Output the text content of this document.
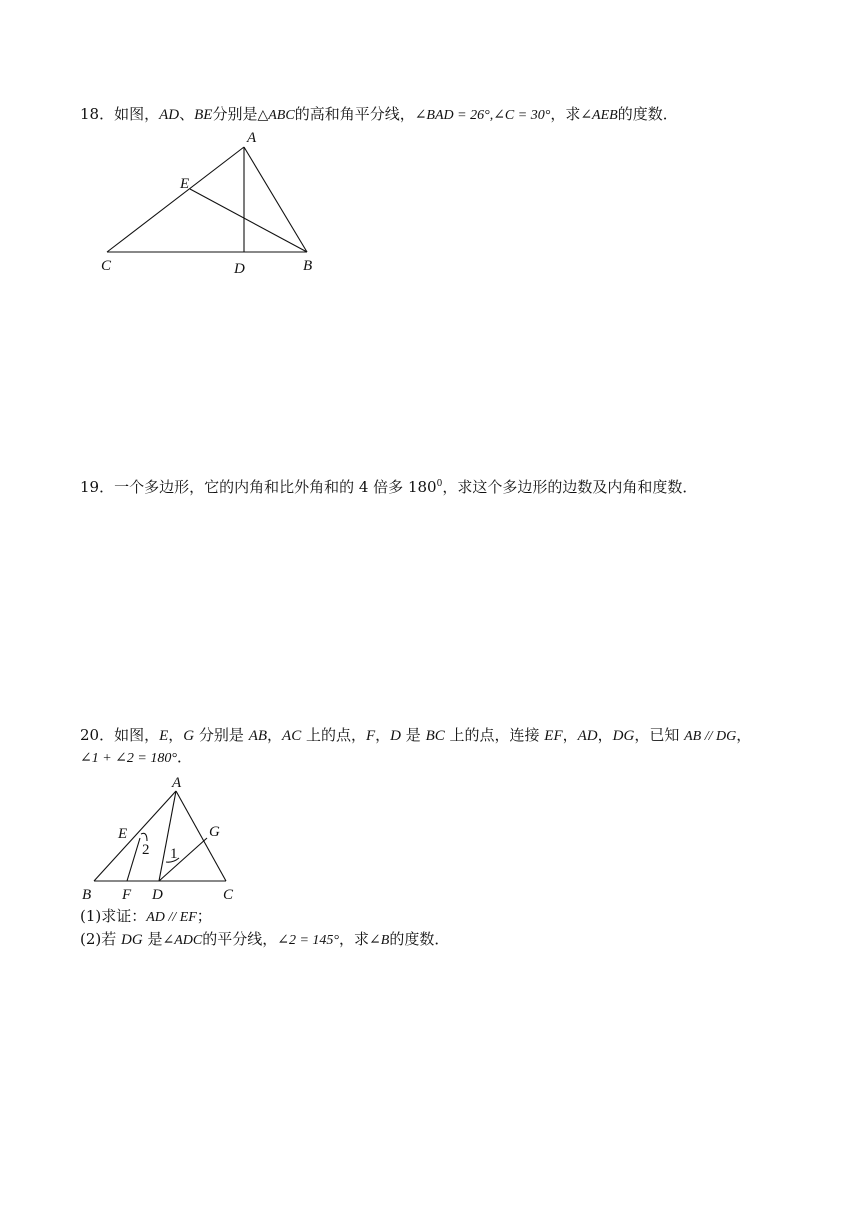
18．如图，AD、BE分别是△ABC的高和角平分线，∠BAD = 26°,∠C = 30°，求∠AEB的度数．
A
E
C	D	B
19．一个多边形，它的内角和比外角和的 4 倍多 $180^0$，求这个多边形的边数及内角和度数．
20．如图，E，G 分别是 AB，AC 上的点，F，D 是 BC 上的点，连接 EF，AD，DG，已知 AB // DG，
∠1 + ∠2 = 180°．
A
E	G
2 1
B F D	C
(1)求证：AD // EF；
(2)若 DG 是∠ADC的平分线，∠2 = 145°，求∠B的度数．
